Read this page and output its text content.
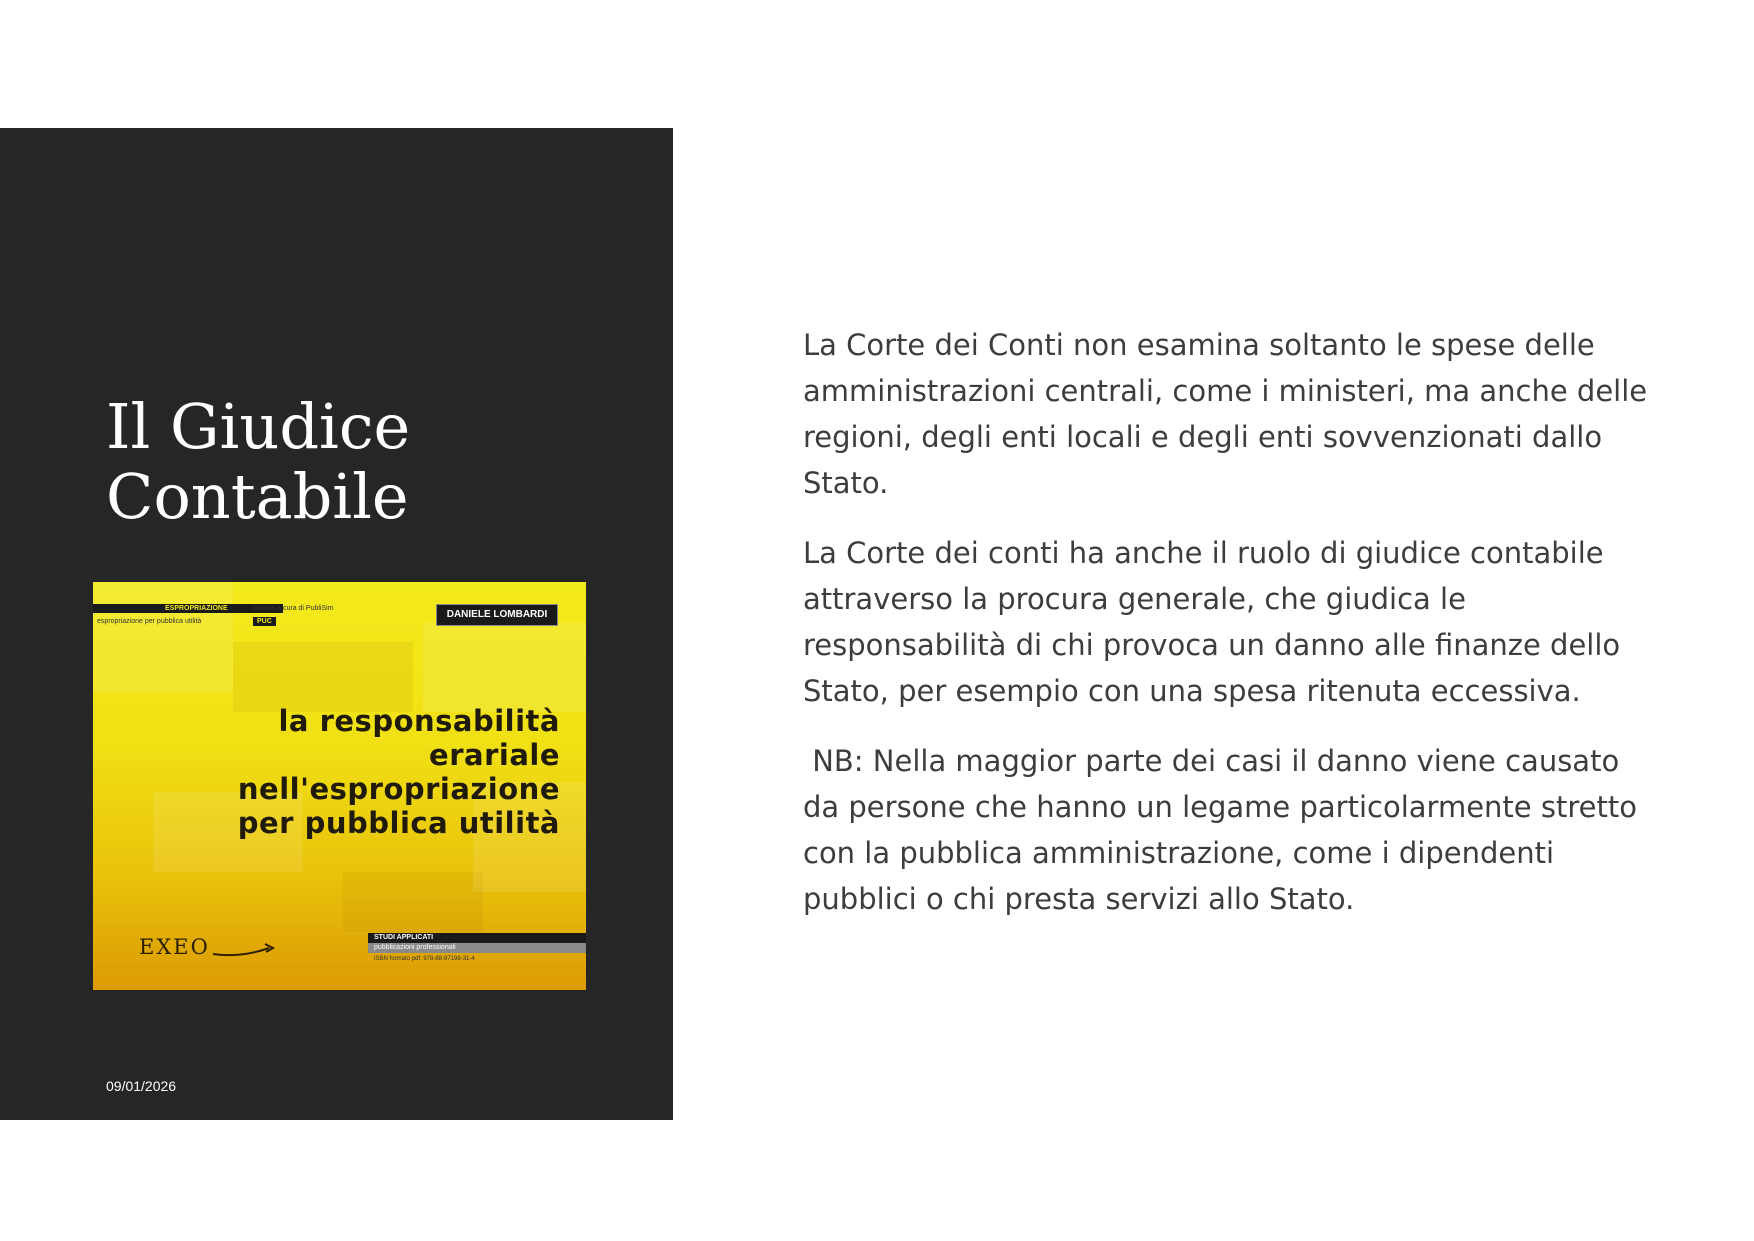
Il Giudice
Contabile
ESPROPRIAZIONE	collana a cura di PubliSim
espropriazione per pubblica utilità	PUC
DANIELE LOMBARDI
la responsabilità
erariale
nell'espropriazione
per pubblica utilità
EXEO	STUDI APPLICATI
pubblicazioni professionali
ISBN formato pdf: 978-88-97198-31-4
09/01/2026

La Corte dei Conti non esamina soltanto le spese delle amministrazioni centrali, come i ministeri, ma anche delle regioni, degli enti locali e degli enti sovvenzionati dallo Stato.

La Corte dei conti ha anche il ruolo di giudice contabile attraverso la procura generale, che giudica le responsabilità di chi provoca un danno alle finanze dello Stato, per esempio con una spesa ritenuta eccessiva.

NB: Nella maggior parte dei casi il danno viene causato da persone che hanno un legame particolarmente stretto con la pubblica amministrazione, come i dipendenti pubblici o chi presta servizi allo Stato.
